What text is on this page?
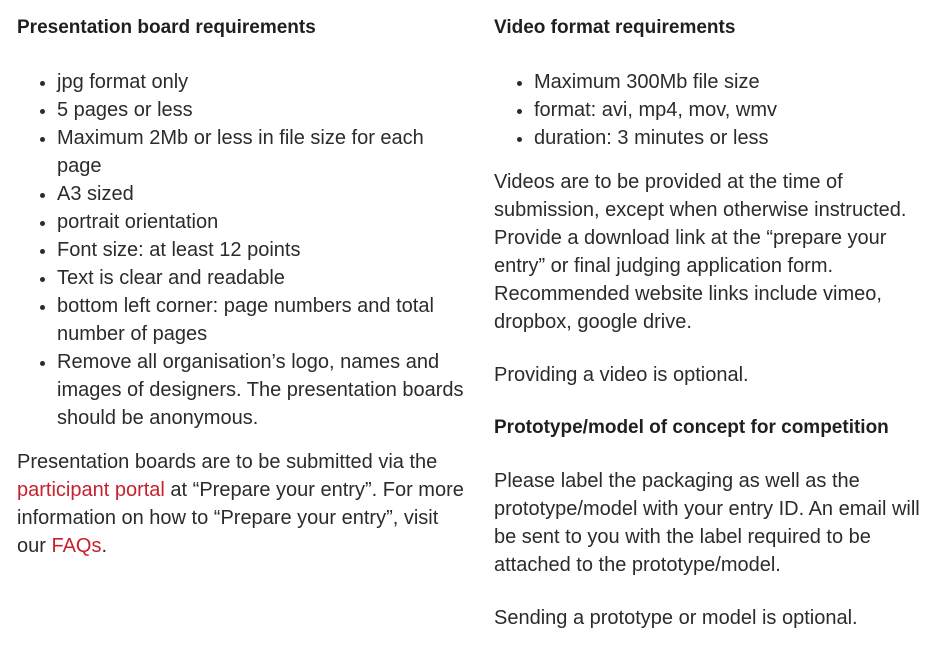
Presentation board requirements
• jpg format only
• 5 pages or less
• Maximum 2Mb or less in file size for each page
• A3 sized
• portrait orientation
• Font size: at least 12 points
• Text is clear and readable
• bottom left corner: page numbers and total number of pages
• Remove all organisation’s logo, names and images of designers. The presentation boards should be anonymous.

Presentation boards are to be submitted via the participant portal at “Prepare your entry”. For more information on how to “Prepare your entry”, visit our FAQs.

Video format requirements
• Maximum 300Mb file size
• format: avi, mp4, mov, wmv
• duration: 3 minutes or less

Videos are to be provided at the time of submission, except when otherwise instructed. Provide a download link at the “prepare your entry” or final judging application form. Recommended website links include vimeo, dropbox, google drive.

Providing a video is optional.

Prototype/model of concept for competition

Please label the packaging as well as the prototype/model with your entry ID. An email will be sent to you with the label required to be attached to the prototype/model.

Sending a prototype or model is optional.
